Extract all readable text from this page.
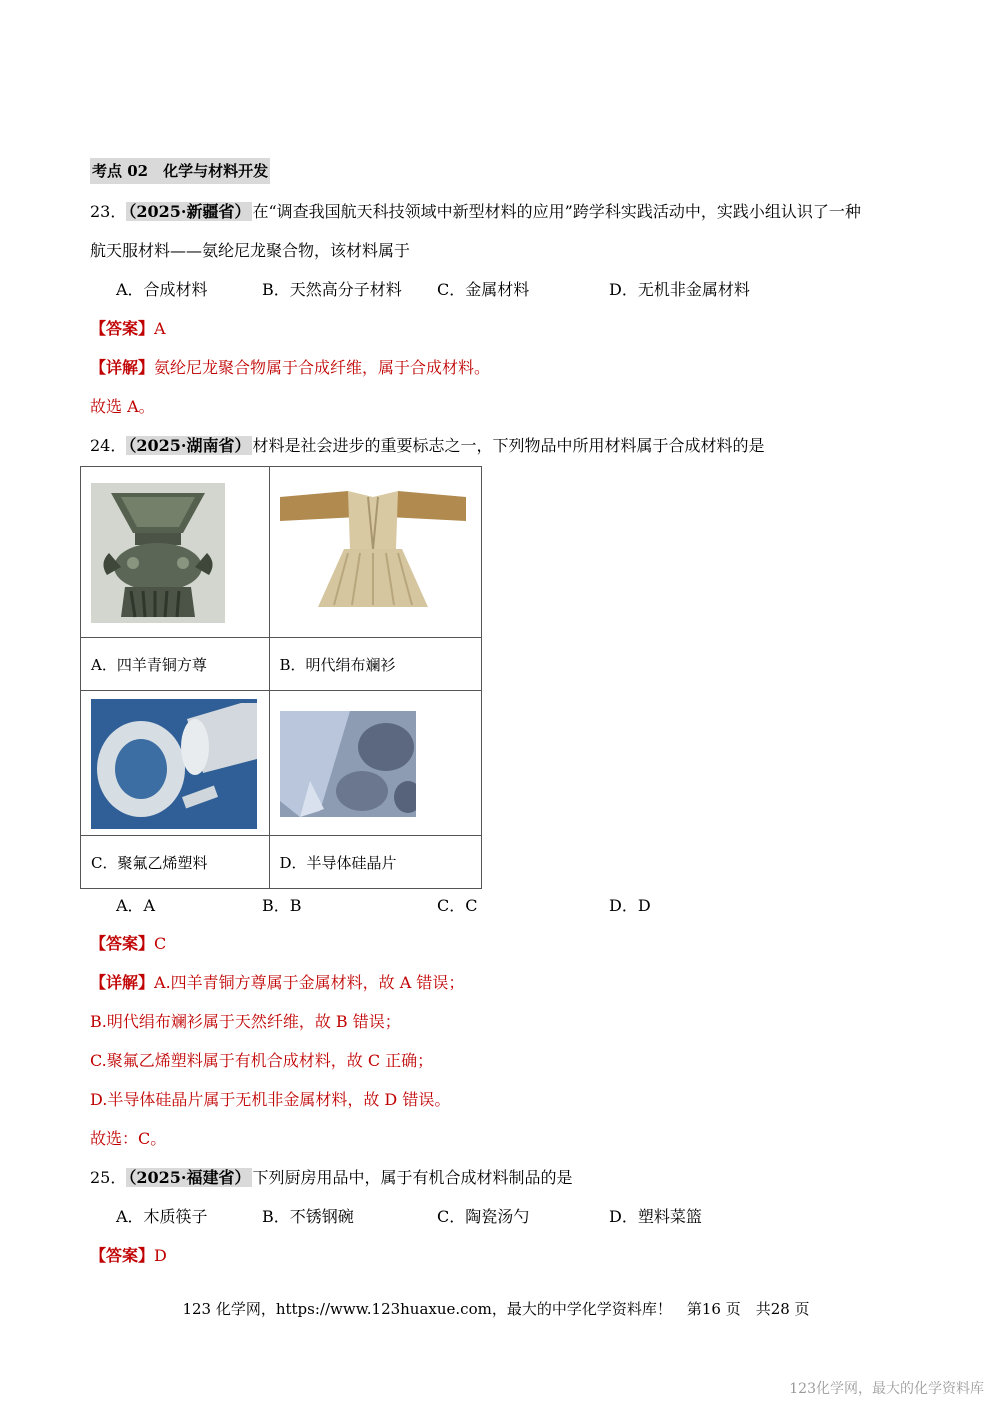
考点 02　化学与材料开发
23． （2025·新疆省） 在“调查我国航天科技领域中新型材料的应用”跨学科实践活动中，实践小组认识了一种
航天服材料——氨纶尼龙聚合物，该材料属于
A．合成材料	B．天然高分子材料 C．金属材料	D．无机非金属材料
【答案】A
【详解】氨纶尼龙聚合物属于合成纤维，属于合成材料。
故选 A。
24． （2025·湖南省） 材料是社会进步的重要标志之一，下列物品中所用材料属于合成材料的是

A．四羊青铜方尊	B．明代绢布斓衫

C．聚氟乙烯塑料	D．半导体硅晶片
A．A	B．B	C．C	D．D
【答案】C
【详解】A.四羊青铜方尊属于金属材料，故 A 错误；
B.明代绢布斓衫属于天然纤维，故 B 错误；
C.聚氟乙烯塑料属于有机合成材料，故 C 正确；
D.半导体硅晶片属于无机非金属材料，故 D 错误。
故选：C。
25． （2025·福建省） 下列厨房用品中，属于有机合成材料制品的是
A．木质筷子	B．不锈钢碗	C．陶瓷汤勺	D．塑料菜篮
【答案】D
123 化学网，https://www.123huaxue.com，最大的中学化学资料库！　第16 页　共28 页
123化学网，最大的化学资料库
